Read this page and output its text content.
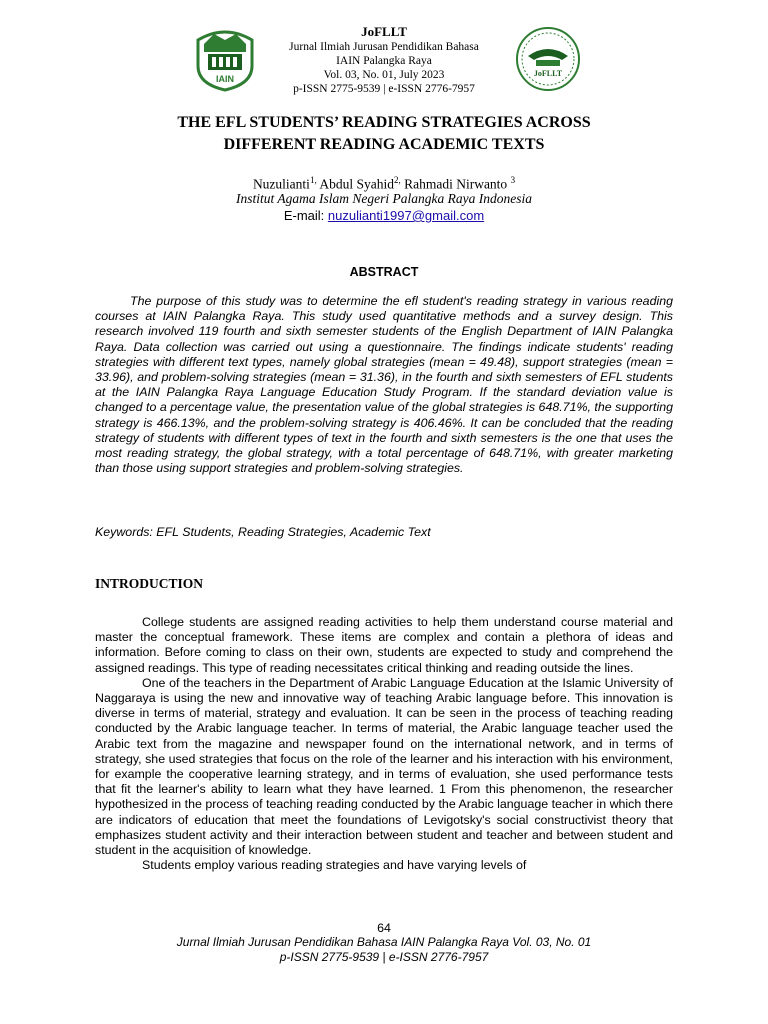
IAIN
JoFLLT
Jurnal Ilmiah Jurusan Pendidikan Bahasa
IAIN Palangka Raya
Vol. 03, No. 01, July 2023
p-ISSN 2775-9539 | e-ISSN 2776-7957
JoFLLT
THE EFL STUDENTS’ READING STRATEGIES ACROSS
DIFFERENT READING ACADEMIC TEXTS
Nuzulianti$^{1,}$ Abdul Syahid$^{2,}$ Rahmadi Nirwanto $^3$
Institut Agama Islam Negeri Palangka Raya Indonesia
E-mail: nuzulianti1997@gmail.com
ABSTRACT

The purpose of this study was to determine the efl student's reading strategy in various reading courses at IAIN Palangka Raya. This study used quantitative methods and a survey design. This research involved 119 fourth and sixth semester students of the English Department of IAIN Palangka Raya. Data collection was carried out using a questionnaire. The findings indicate students' reading strategies with different text types, namely global strategies (mean = 49.48), support strategies (mean = 33.96), and problem-solving strategies (mean = 31.36), in the fourth and sixth semesters of EFL students at the IAIN Palangka Raya Language Education Study Program. If the standard deviation value is changed to a percentage value, the presentation value of the global strategies is 648.71%, the supporting strategy is 466.13%, and the problem-solving strategy is 406.46%. It can be concluded that the reading strategy of students with different types of text in the fourth and sixth semesters is the one that uses the most reading strategy, the global strategy, with a total percentage of 648.71%, with greater marketing than those using support strategies and problem-solving strategies.

Keywords: EFL Students, Reading Strategies, Academic Text
INTRODUCTION

College students are assigned reading activities to help them understand course material and master the conceptual framework. These items are complex and contain a plethora of ideas and information. Before coming to class on their own, students are expected to study and comprehend the assigned readings. This type of reading necessitates critical thinking and reading outside the lines.

One of the teachers in the Department of Arabic Language Education at the Islamic University of Naggaraya is using the new and innovative way of teaching Arabic language before. This innovation is diverse in terms of material, strategy and evaluation. It can be seen in the process of teaching reading conducted by the Arabic language teacher. In terms of material, the Arabic language teacher used the Arabic text from the magazine and newspaper found on the international network, and in terms of strategy, she used strategies that focus on the role of the learner and his interaction with his environment, for example the cooperative learning strategy, and in terms of evaluation, she used performance tests that fit the learner's ability to learn what they have learned. 1 From this phenomenon, the researcher hypothesized in the process of teaching reading conducted by the Arabic language teacher in which there are indicators of education that meet the foundations of Levigotsky's social constructivist theory that emphasizes student activity and their interaction between student and teacher and between student and student in the acquisition of knowledge.

Students employ various reading strategies and have varying levels of

64
Jurnal Ilmiah Jurusan Pendidikan Bahasa IAIN Palangka Raya Vol. 03, No. 01
p-ISSN 2775-9539 | e-ISSN 2776-7957
